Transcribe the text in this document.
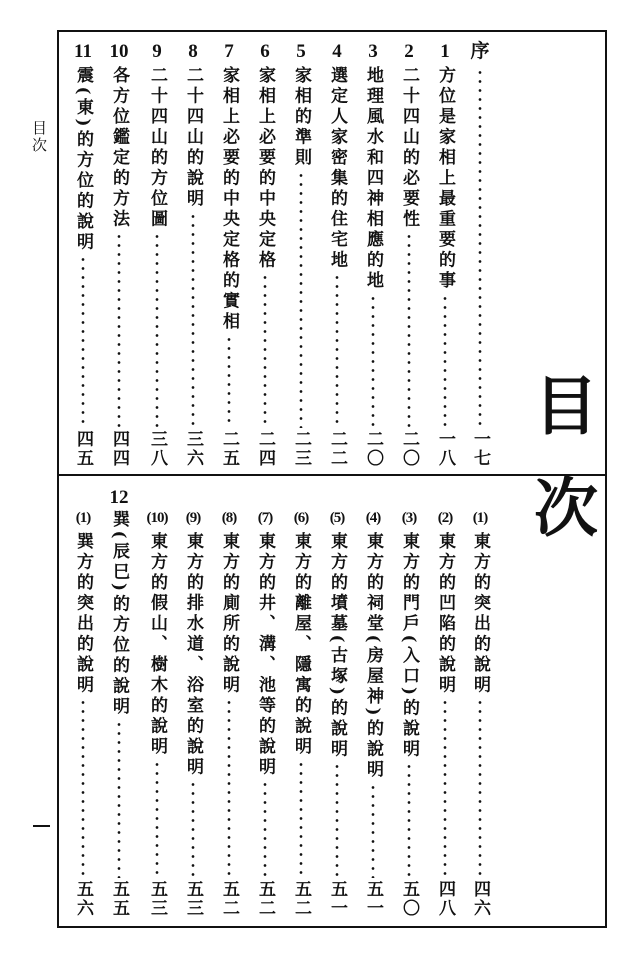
目次
目次
序
一七
1
方位是家相上最重要的事
一八
2
二十四山的必要性
二〇
3
地理風水和四神相應的地
二〇
4
選定人家密集的住宅地
二二
5
家相的準則
二三
6
家相上必要的中央定格
二四
7
家相上必要的中央定格的實相
二五
8
二十四山的說明
三六
9
二十四山的方位圖
三八
10
各方位鑑定的方法
四四
11
震(東)的方位的說明
四五
(1)
東方的突出的說明
四六
(2)
東方的凹陷的說明
四八
(3)
東方的門戶(入口)的說明
五〇
(4)
東方的祠堂(房屋神)的說明
五一
(5)
東方的墳墓(古塚)的說明
五一
(6)
東方的離屋、隱寓的說明
五二
(7)
東方的井、溝、池等的說明
五二
(8)
東方的廁所的說明
五二
(9)
東方的排水道、浴室的說明
五三
(10)
東方的假山、樹木的說明
五三
12
巽(辰巳)的方位的說明
五五
(1)
巽方的突出的說明
五六
